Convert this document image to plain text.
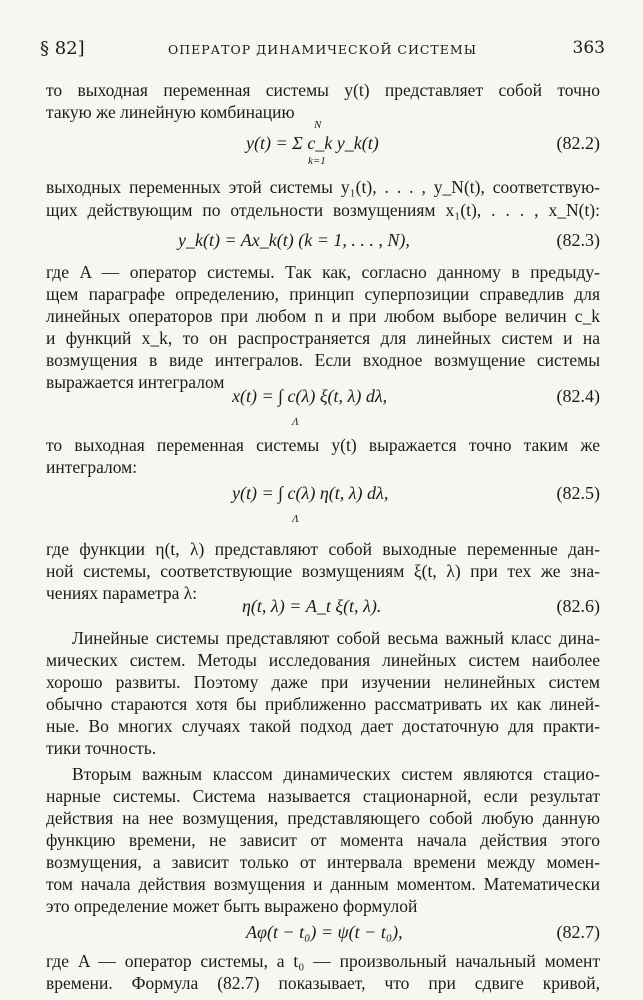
§ 82]	ОПЕРАТОР ДИНАМИЧЕСКОЙ СИСТЕМЫ	363
то выходная переменная системы y(t) представляет собой точно
такую же линейную комбинацию
y(t) = Σ c_k y_k(t)
N
k=1
(82.2)
выходных переменных этой системы y₁(t), . . . , y_N(t), соответствую-
щих действующим по отдельности возмущениям x₁(t), . . . , x_N(t):
y_k(t) = Ax_k(t) (k = 1, . . . , N),	(82.3)
где A — оператор системы. Так как, согласно данному в предыду-
щем параграфе определению, принцип суперпозиции справедлив для
линейных операторов при любом n и при любом выборе величин c_k
и функций x_k, то он распространяется для линейных систем и на
возмущения в виде интегралов. Если входное возмущение системы
выражается интегралом
x(t) = ∫ c(λ) ξ(t, λ) dλ,
Λ
(82.4)
то выходная переменная системы y(t) выражается точно таким же
интегралом:
y(t) = ∫ c(λ) η(t, λ) dλ,
Λ
(82.5)
где функции η(t, λ) представляют собой выходные переменные дан-
ной системы, соответствующие возмущениям ξ(t, λ) при тех же зна-
чениях параметра λ:
η(t, λ) = A_t ξ(t, λ).	(82.6)
Линейные системы представляют собой весьма важный класс дина-
мических систем. Методы исследования линейных систем наиболее
хорошо развиты. Поэтому даже при изучении нелинейных систем
обычно стараются хотя бы приближенно рассматривать их как линей-
ные. Во многих случаях такой подход дает достаточную для практи-
тики точность.
Вторым важным классом динамических систем являются стацио-
нарные системы. Система называется стационарной, если результат
действия на нее возмущения, представляющего собой любую данную
функцию времени, не зависит от момента начала действия этого
возмущения, а зависит только от интервала времени между момен-
том начала действия возмущения и данным моментом. Математически
это определение может быть выражено формулой
Aφ(t − t₀) = ψ(t − t₀),	(82.7)
где A — оператор системы, а t₀ — произвольный начальный момент
времени. Формула (82.7) показывает, что при сдвиге кривой,
